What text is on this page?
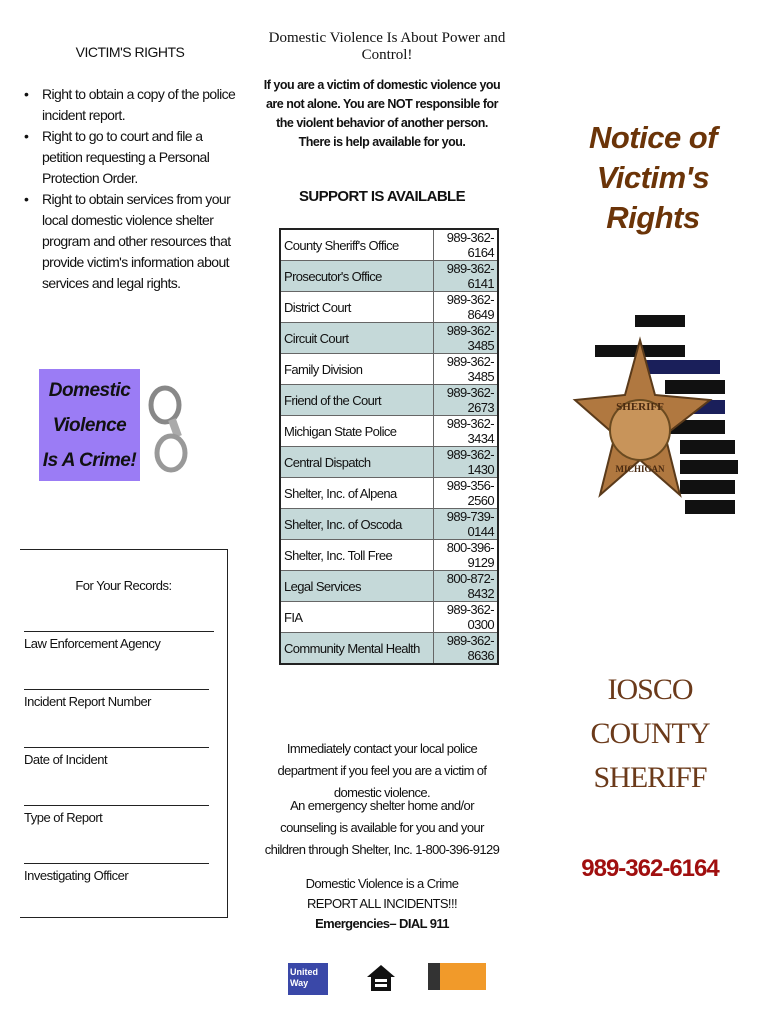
VICTIM'S RIGHTS
• Right to obtain a copy of the police incident report.
• Right to go to court and file a petition requesting a Personal Protection Order.
• Right to obtain services from your local domestic violence shelter program and other resources that provide victim's information about services and legal rights.
Domestic
Violence
Is A Crime!
For Your Records:
Law Enforcement Agency
Incident Report Number
Date of Incident
Type of Report
Investigating Officer
Domestic Violence Is About Power and Control!
If you are a victim of domestic violence you are not alone. You are NOT responsible for the violent behavior of another person. There is help available for you.
SUPPORT IS AVAILABLE
County Sheriff's Office	989-362-6164
Prosecutor's Office	989-362-6141
District Court	989-362-8649
Circuit Court	989-362-3485
Family Division	989-362-3485
Friend of the Court	989-362-2673
Michigan State Police	989-362-3434
Central Dispatch	989-362-1430
Shelter, Inc. of Alpena	989-356-2560
Shelter, Inc. of Oscoda	989-739-0144
Shelter, Inc. Toll Free	800-396-9129
Legal Services	800-872-8432
FIA	989-362-0300
Community Mental Health	989-362-8636
Immediately contact your local police department if you feel you are a victim of domestic violence.
An emergency shelter home and/or counseling is available for you and your children through Shelter, Inc. 1-800-396-9129
Domestic Violence is a Crime
REPORT ALL INCIDENTS!!!
Emergencies– DIAL 911
United Way
Notice of
Victim's Rights
SHERIFF
MICHIGAN
IOSCO COUNTY
SHERIFF
989-362-6164
